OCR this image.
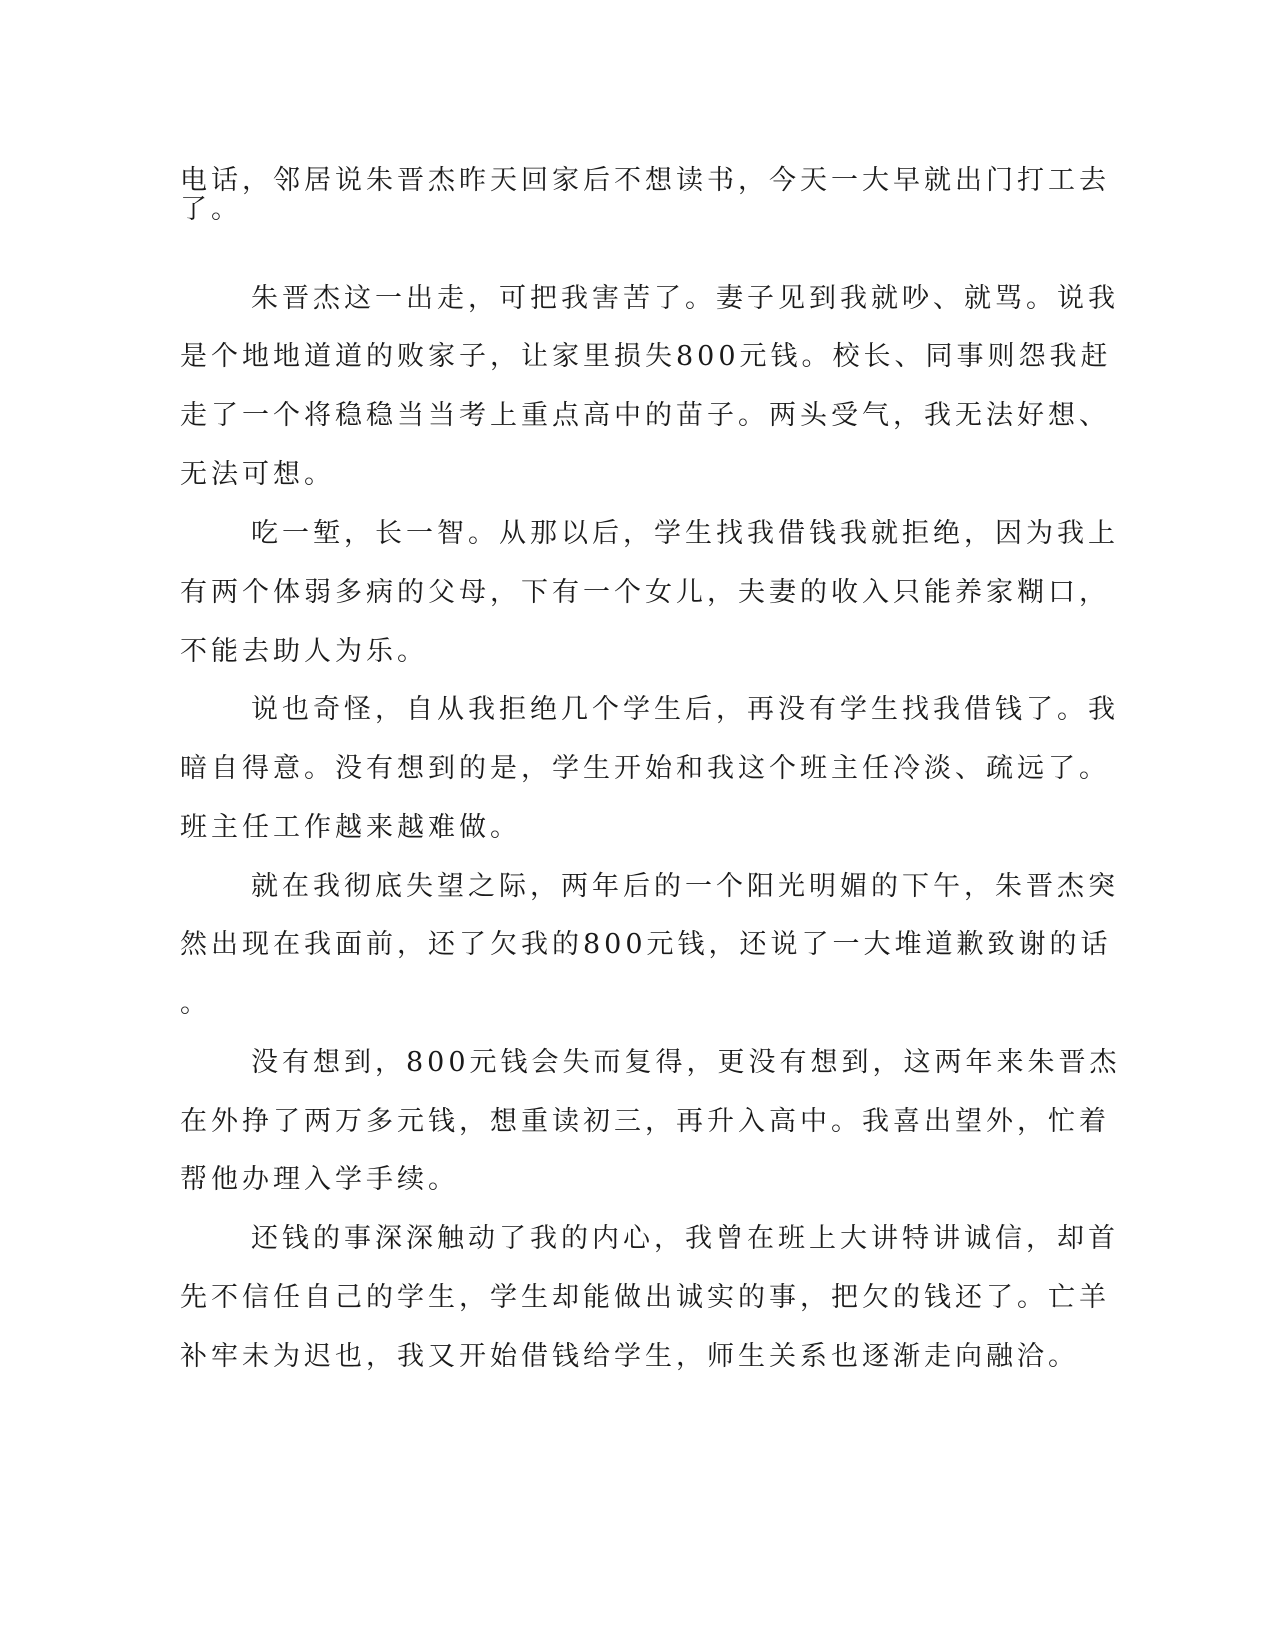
电话，邻居说朱晋杰昨天回家后不想读书，今天一大早就出门打工去

了。

朱晋杰这一出走，可把我害苦了。妻子见到我就吵、就骂。说我

是个地地道道的败家子，让家里损失800元钱。校长、同事则怨我赶

走了一个将稳稳当当考上重点高中的苗子。两头受气，我无法好想、

无法可想。

吃一堑，长一智。从那以后，学生找我借钱我就拒绝，因为我上

有两个体弱多病的父母，下有一个女儿，夫妻的收入只能养家糊口，

不能去助人为乐。

说也奇怪，自从我拒绝几个学生后，再没有学生找我借钱了。我

暗自得意。没有想到的是，学生开始和我这个班主任冷淡、疏远了。

班主任工作越来越难做。

就在我彻底失望之际，两年后的一个阳光明媚的下午，朱晋杰突

然出现在我面前，还了欠我的800元钱，还说了一大堆道歉致谢的话

。

没有想到，800元钱会失而复得，更没有想到，这两年来朱晋杰

在外挣了两万多元钱，想重读初三，再升入高中。我喜出望外，忙着

帮他办理入学手续。

还钱的事深深触动了我的内心，我曾在班上大讲特讲诚信，却首

先不信任自己的学生，学生却能做出诚实的事，把欠的钱还了。亡羊

补牢未为迟也，我又开始借钱给学生，师生关系也逐渐走向融洽。
